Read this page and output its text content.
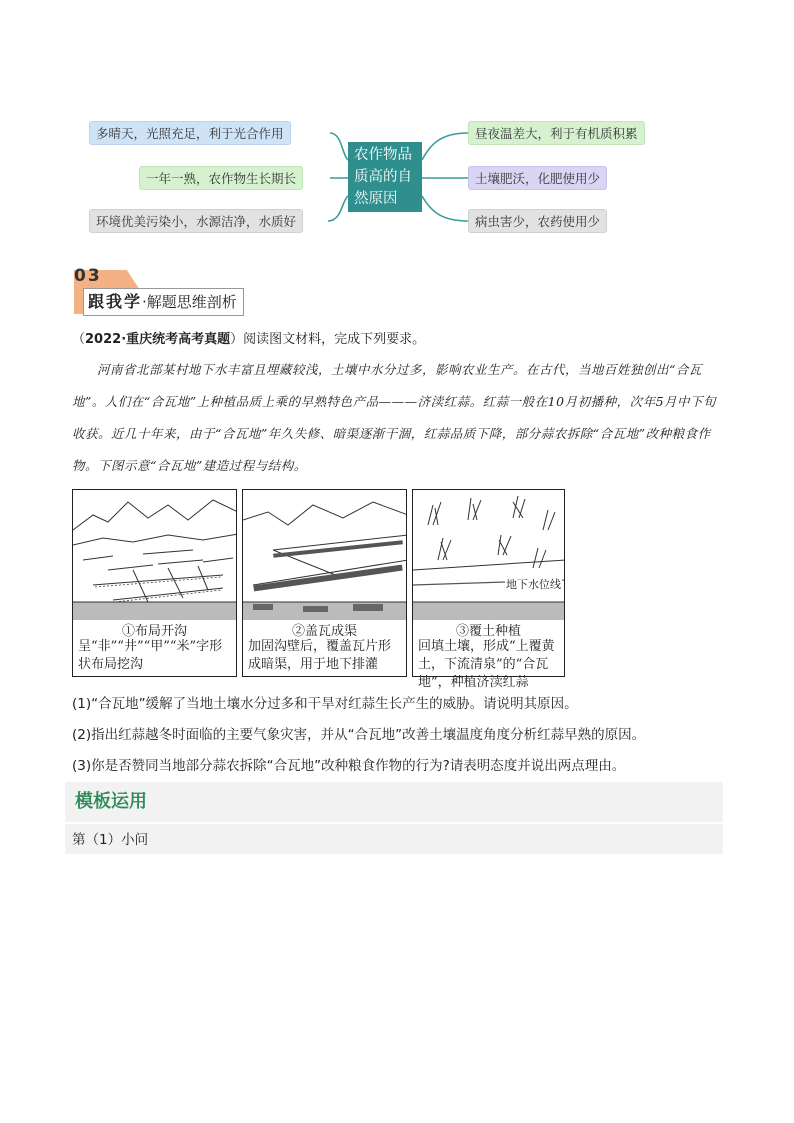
多晴天，光照充足，利于光合作用
一年一熟，农作物生长期长
环境优美污染小，水源洁净，水质好
农作物品质高的自然原因
昼夜温差大，利于有机质积累
土壤肥沃，化肥使用少
病虫害少，农药使用少
03
跟我学·解题思维剖析
（2022·重庆统考高考真题）阅读图文材料，完成下列要求。
河南省北部某村地下水丰富且埋藏较浅，土壤中水分过多，影响农业生产。在古代，当地百姓独创出“合瓦地”。人们在“合瓦地”上种植品质上乘的早熟特色产品———济渎红蒜。红蒜一般在10月初播种，次年5月中下旬收获。近几十年来，由于“合瓦地”年久失修、暗渠逐渐干涸，红蒜品质下降，部分蒜农拆除“合瓦地”改种粮食作物。下图示意“合瓦地”建造过程与结构。
①布局开沟
呈“非”“井”“甲”“米”字形状布局挖沟
②盖瓦成渠
加固沟壁后，覆盖瓦片形成暗渠，用于地下排灌
地下水位线
③覆土种植
回填土壤，形成“上覆黄土，下流清泉”的“合瓦地”，种植济渎红蒜
(1)“合瓦地”缓解了当地土壤水分过多和干旱对红蒜生长产生的威胁。请说明其原因。
(2)指出红蒜越冬时面临的主要气象灾害，并从“合瓦地”改善土壤温度角度分析红蒜早熟的原因。
(3)你是否赞同当地部分蒜农拆除“合瓦地”改种粮食作物的行为?请表明态度并说出两点理由。
模板运用
第（1）小问
